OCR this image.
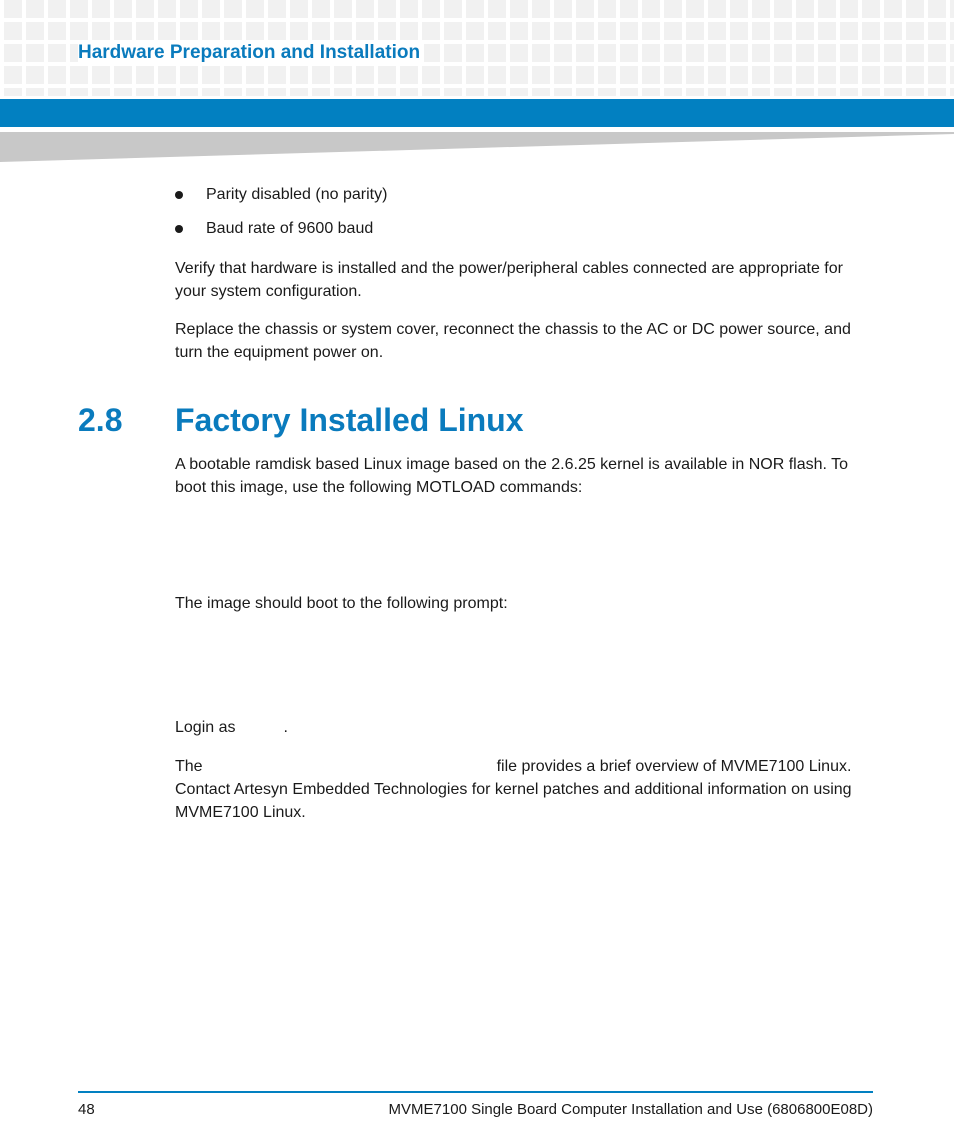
Hardware Preparation and Installation
Parity disabled (no parity)
Baud rate of 9600 baud

Verify that hardware is installed and the power/peripheral cables connected are appropriate for your system configuration.

Replace the chassis or system cover, reconnect the chassis to the AC or DC power source, and turn the equipment power on.

2.8 Factory Installed Linux

A bootable ramdisk based Linux image based on the 2.6.25 kernel is available in NOR flash. To boot this image, use the following MOTLOAD commands:

The image should boot to the following prompt:

Login as	.

The	file provides a brief overview of MVME7100 Linux. Contact Artesyn Embedded Technologies for kernel patches and additional information on using MVME7100 Linux.

48	MVME7100 Single Board Computer Installation and Use (6806800E08D)
